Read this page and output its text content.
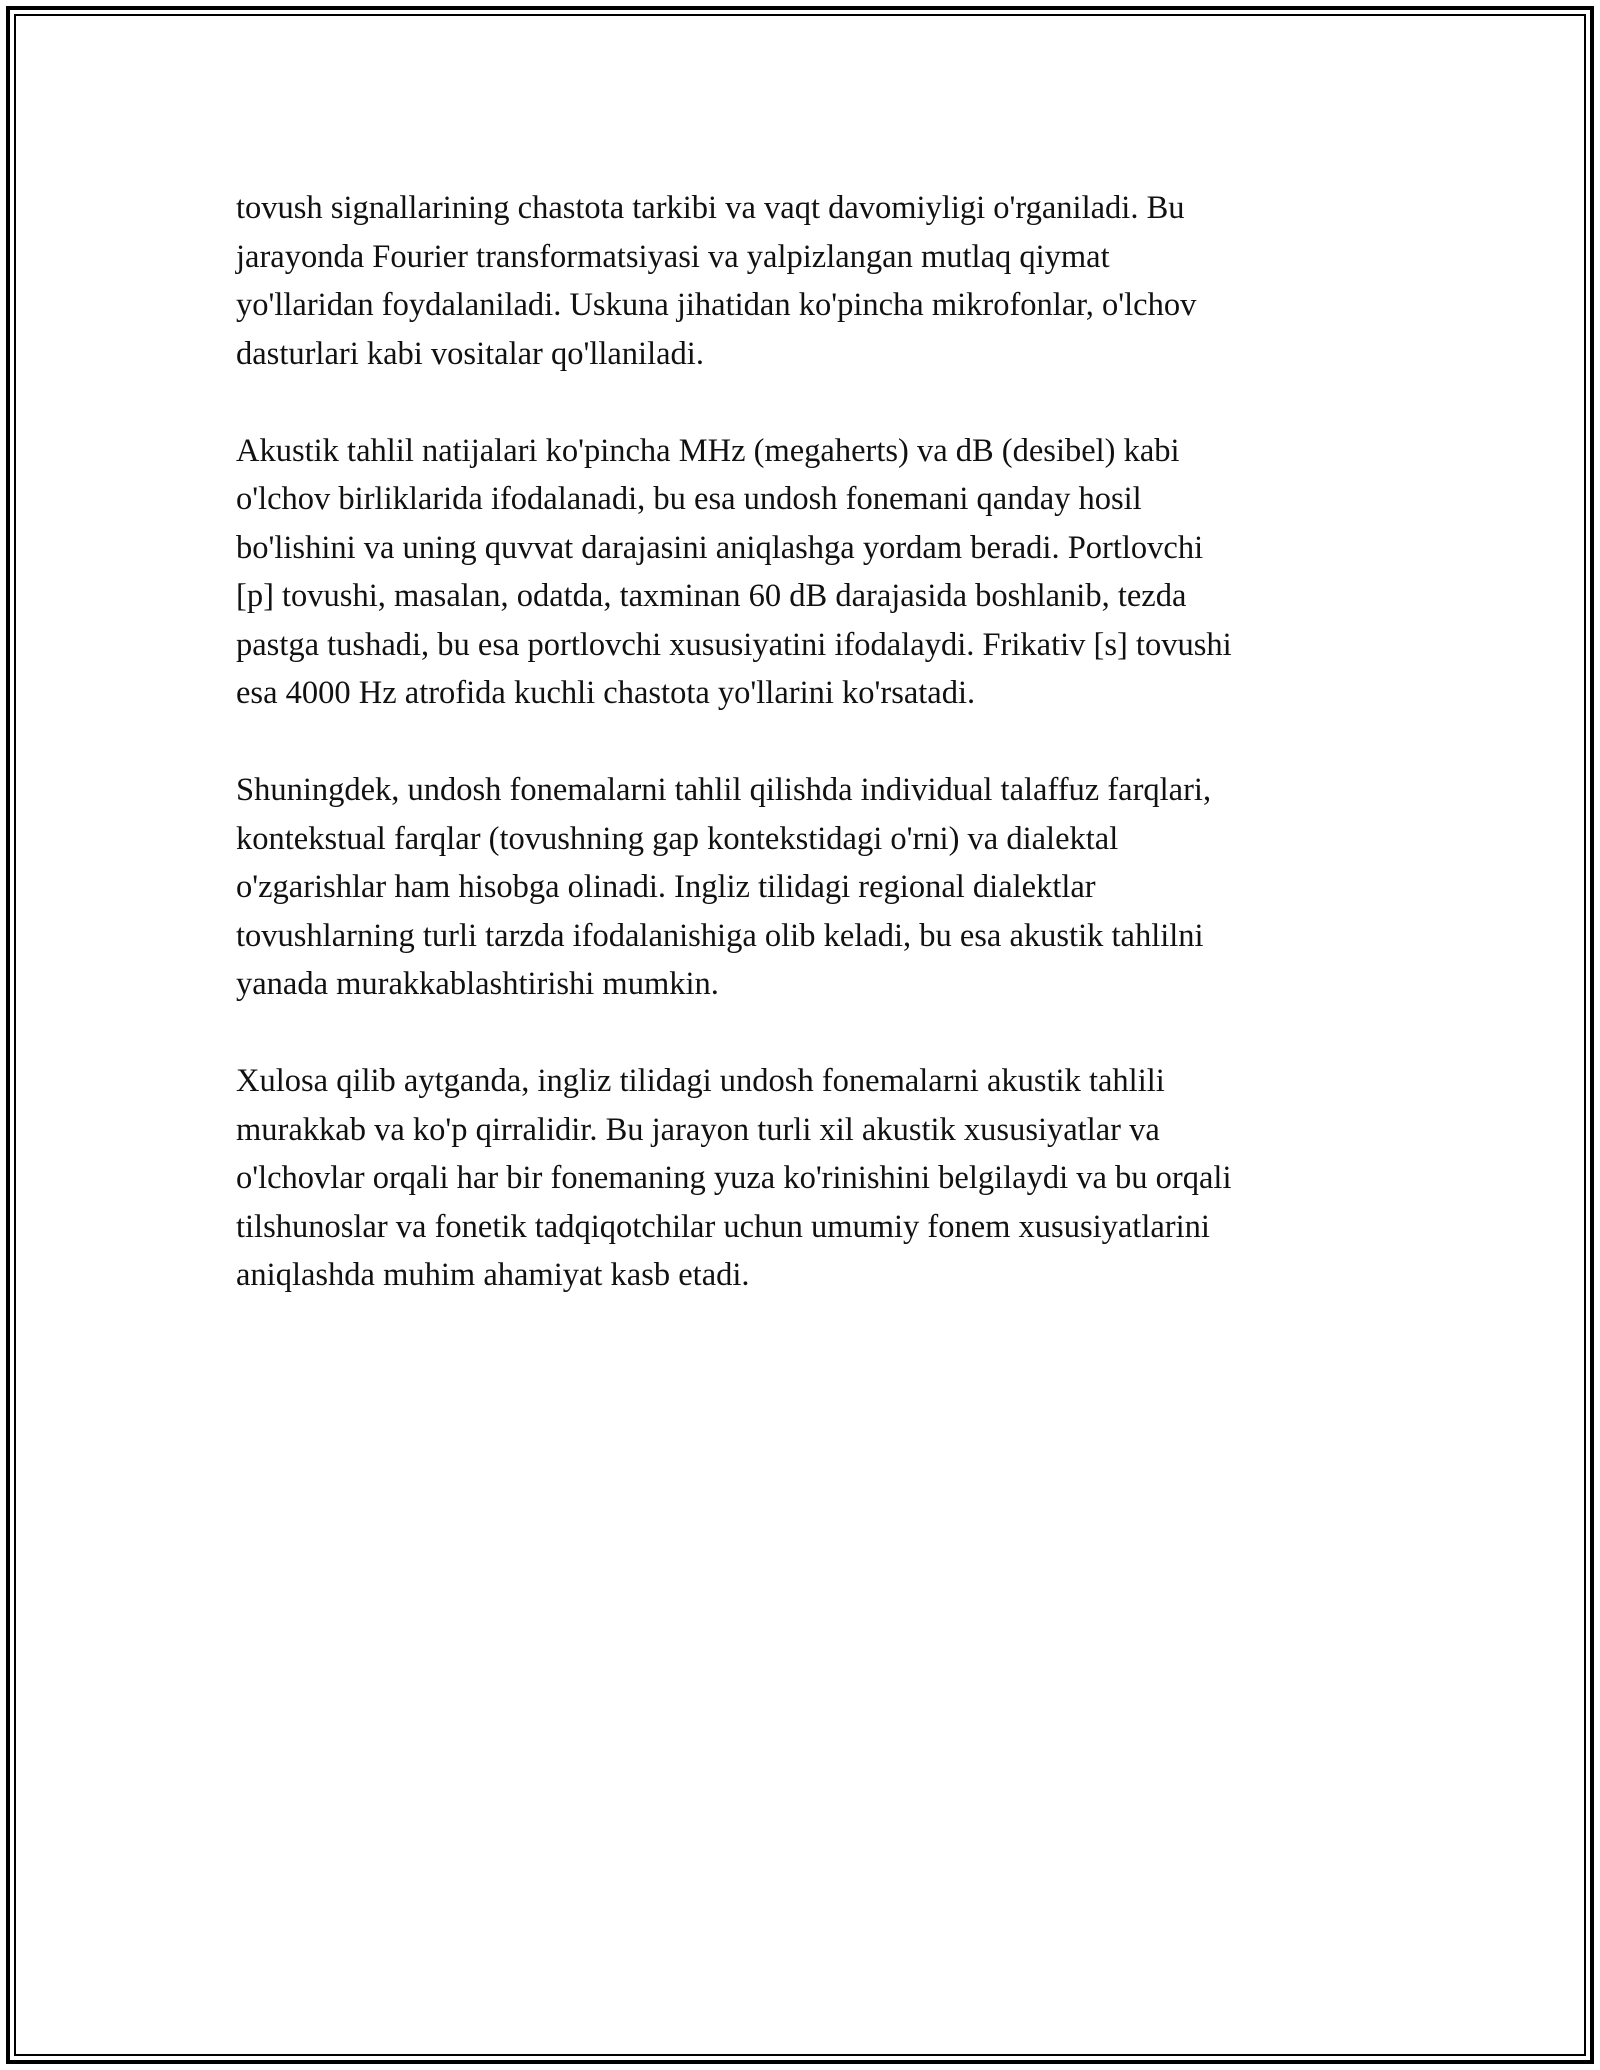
tovush signallarining chastota tarkibi va vaqt davomiyligi o'rganiladi. Bu
jarayonda Fourier transformatsiyasi va yalpizlangan mutlaq qiymat
yo'llaridan foydalaniladi. Uskuna jihatidan ko'pincha mikrofonlar, o'lchov
dasturlari kabi vositalar qo'llaniladi.

Akustik tahlil natijalari ko'pincha MHz (megaherts) va dB (desibel) kabi
o'lchov birliklarida ifodalanadi, bu esa undosh fonemani qanday hosil
bo'lishini va uning quvvat darajasini aniqlashga yordam beradi. Portlovchi
[p] tovushi, masalan, odatda, taxminan 60 dB darajasida boshlanib, tezda
pastga tushadi, bu esa portlovchi xususiyatini ifodalaydi. Frikativ [s] tovushi
esa 4000 Hz atrofida kuchli chastota yo'llarini ko'rsatadi.

Shuningdek, undosh fonemalarni tahlil qilishda individual talaffuz farqlari,
kontekstual farqlar (tovushning gap kontekstidagi o'rni) va dialektal
o'zgarishlar ham hisobga olinadi. Ingliz tilidagi regional dialektlar
tovushlarning turli tarzda ifodalanishiga olib keladi, bu esa akustik tahlilni
yanada murakkablashtirishi mumkin.

Xulosa qilib aytganda, ingliz tilidagi undosh fonemalarni akustik tahlili
murakkab va ko'p qirralidir. Bu jarayon turli xil akustik xususiyatlar va
o'lchovlar orqali har bir fonemaning yuza ko'rinishini belgilaydi va bu orqali
tilshunoslar va fonetik tadqiqotchilar uchun umumiy fonem xususiyatlarini
aniqlashda muhim ahamiyat kasb etadi.
